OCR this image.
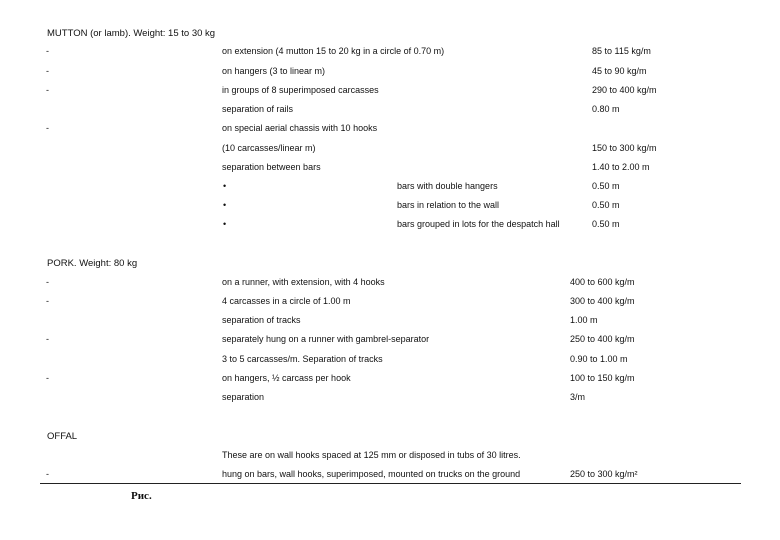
MUTTON (or lamb). Weight: 15 to 30 kg
-	on extension (4 mutton 15 to 20 kg in a circle of 0.70 m)	85 to 115 kg/m
-	on hangers (3 to linear m)	45 to 90 kg/m
-	in groups of 8 superimposed carcasses	290 to 400 kg/m
separation of rails	0.80 m
-	on special aerial chassis with 10 hooks
(10 carcasses/linear m)	150 to 300 kg/m
separation between bars	1.40 to 2.00 m
•	bars with double hangers	0.50 m
•	bars in relation to the wall	0.50 m
•	bars grouped in lots for the despatch hall	0.50 m
PORK. Weight: 80 kg
-	on a runner, with extension, with 4 hooks	400 to 600 kg/m
-	4 carcasses in a circle of 1.00 m	300 to 400 kg/m
separation of tracks	1.00 m
-	separately hung on a runner with gambrel-separator	250 to 400 kg/m
3 to 5 carcasses/m. Separation of tracks	0.90 to 1.00 m
-	on hangers, ½ carcass per hook	100 to 150 kg/m
separation	3/m
OFFAL
These are on wall hooks spaced at 125 mm or disposed in tubs of 30 litres.
-	hung on bars, wall hooks, superimposed, mounted on trucks on the ground	250 to 300 kg/m²
Рис.
